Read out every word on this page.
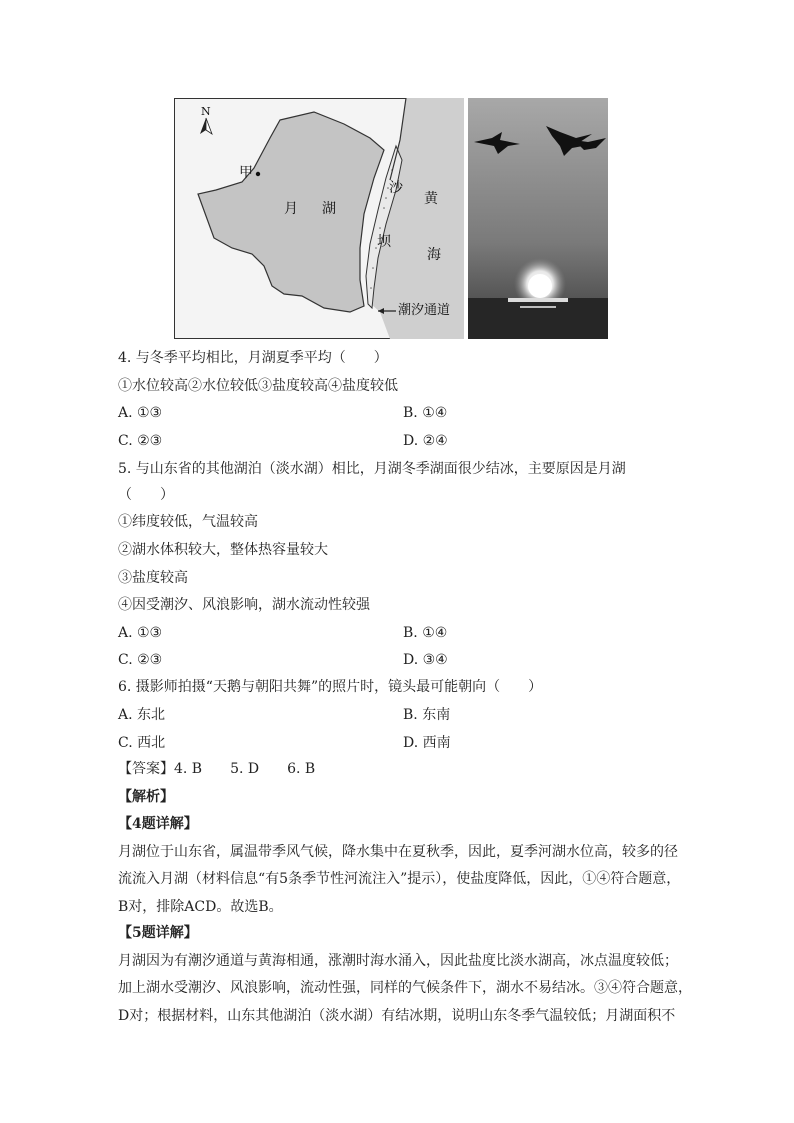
N
甲
月 湖
沙
坝
黄
海
潮汐通道
4. 与冬季平均相比，月湖夏季平均（　　）
①水位较高②水位较低③盐度较高④盐度较低
A. ①③	B. ①④
C. ②③	D. ②④
5. 与山东省的其他湖泊（淡水湖）相比，月湖冬季湖面很少结冰，主要原因是月湖
（　　）
①纬度较低，气温较高
②湖水体积较大，整体热容量较大
③盐度较高
④因受潮汐、风浪影响，湖水流动性较强
A. ①③	B. ①④
C. ②③	D. ③④
6. 摄影师拍摄“天鹅与朝阳共舞”的照片时，镜头最可能朝向（　　）
A. 东北	B. 东南
C. 西北	D. 西南
【答案】4. B　　5. D　　6. B
【解析】
【4题详解】
月湖位于山东省，属温带季风气候，降水集中在夏秋季，因此，夏季河湖水位高，较多的径
流流入月湖（材料信息“有5条季节性河流注入”提示），使盐度降低，因此，①④符合题意，
B对，排除ACD。故选B。
【5题详解】
月湖因为有潮汐通道与黄海相通，涨潮时海水涌入，因此盐度比淡水湖高，冰点温度较低；
加上湖水受潮汐、风浪影响，流动性强，同样的气候条件下，湖水不易结冰。③④符合题意，
D对；根据材料，山东其他湖泊（淡水湖）有结冰期，说明山东冬季气温较低；月湖面积不
